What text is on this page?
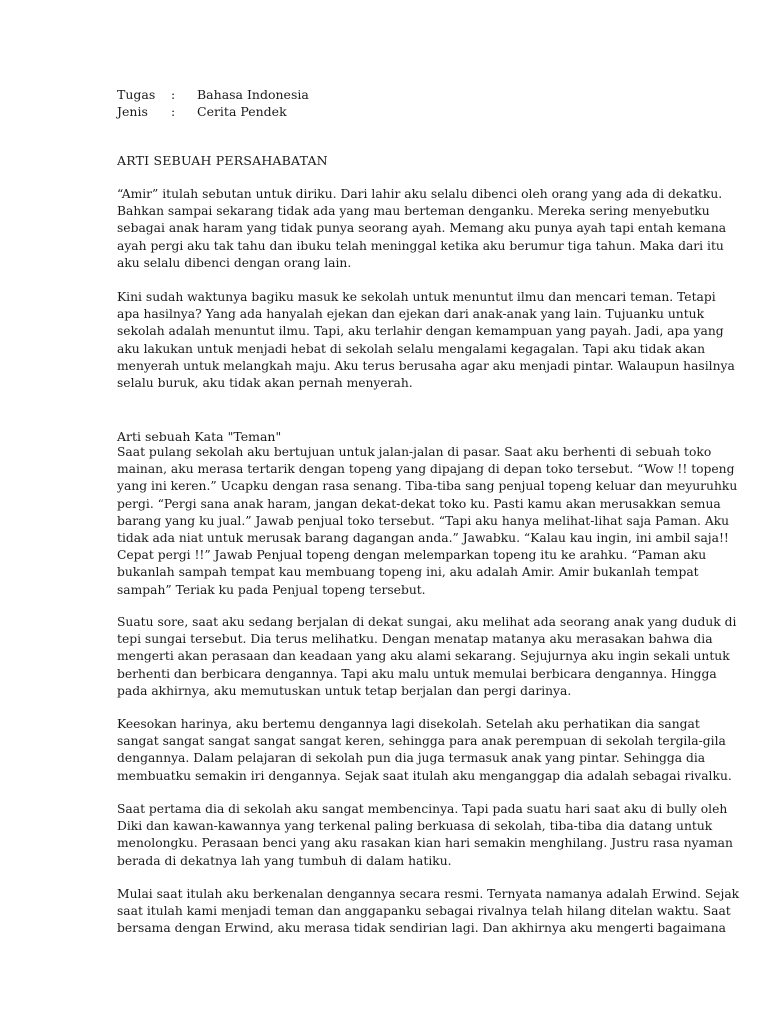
Tugas : Bahasa Indonesia
Jenis : Cerita Pendek
ARTI SEBUAH PERSAHABATAN
“Amir” itulah sebutan untuk diriku. Dari lahir aku selalu dibenci oleh orang yang ada di dekatku.
Bahkan sampai sekarang tidak ada yang mau berteman denganku. Mereka sering menyebutku
sebagai anak haram yang tidak punya seorang ayah. Memang aku punya ayah tapi entah kemana
ayah pergi aku tak tahu dan ibuku telah meninggal ketika aku berumur tiga tahun. Maka dari itu
aku selalu dibenci dengan orang lain.
Kini sudah waktunya bagiku masuk ke sekolah untuk menuntut ilmu dan mencari teman. Tetapi
apa hasilnya? Yang ada hanyalah ejekan dan ejekan dari anak-anak yang lain. Tujuanku untuk
sekolah adalah menuntut ilmu. Tapi, aku terlahir dengan kemampuan yang payah. Jadi, apa yang
aku lakukan untuk menjadi hebat di sekolah selalu mengalami kegagalan. Tapi aku tidak akan
menyerah untuk melangkah maju. Aku terus berusaha agar aku menjadi pintar. Walaupun hasilnya
selalu buruk, aku tidak akan pernah menyerah.
Arti sebuah Kata "Teman"
Saat pulang sekolah aku bertujuan untuk jalan-jalan di pasar. Saat aku berhenti di sebuah toko
mainan, aku merasa tertarik dengan topeng yang dipajang di depan toko tersebut. “Wow !! topeng
yang ini keren.” Ucapku dengan rasa senang. Tiba-tiba sang penjual topeng keluar dan meyuruhku
pergi. “Pergi sana anak haram, jangan dekat-dekat toko ku. Pasti kamu akan merusakkan semua
barang yang ku jual.” Jawab penjual toko tersebut. “Tapi aku hanya melihat-lihat saja Paman. Aku
tidak ada niat untuk merusak barang dagangan anda.” Jawabku. “Kalau kau ingin, ini ambil saja!!
Cepat pergi !!” Jawab Penjual topeng dengan melemparkan topeng itu ke arahku. “Paman aku
bukanlah sampah tempat kau membuang topeng ini, aku adalah Amir. Amir bukanlah tempat
sampah” Teriak ku pada Penjual topeng tersebut.
Suatu sore, saat aku sedang berjalan di dekat sungai, aku melihat ada seorang anak yang duduk di
tepi sungai tersebut. Dia terus melihatku. Dengan menatap matanya aku merasakan bahwa dia
mengerti akan perasaan dan keadaan yang aku alami sekarang. Sejujurnya aku ingin sekali untuk
berhenti dan berbicara dengannya. Tapi aku malu untuk memulai berbicara dengannya. Hingga
pada akhirnya, aku memutuskan untuk tetap berjalan dan pergi darinya.
Keesokan harinya, aku bertemu dengannya lagi disekolah. Setelah aku perhatikan dia sangat
sangat sangat sangat sangat sangat keren, sehingga para anak perempuan di sekolah tergila-gila
dengannya. Dalam pelajaran di sekolah pun dia juga termasuk anak yang pintar. Sehingga dia
membuatku semakin iri dengannya. Sejak saat itulah aku menganggap dia adalah sebagai rivalku.
Saat pertama dia di sekolah aku sangat membencinya. Tapi pada suatu hari saat aku di bully oleh
Diki dan kawan-kawannya yang terkenal paling berkuasa di sekolah, tiba-tiba dia datang untuk
menolongku. Perasaan benci yang aku rasakan kian hari semakin menghilang. Justru rasa nyaman
berada di dekatnya lah yang tumbuh di dalam hatiku.
Mulai saat itulah aku berkenalan dengannya secara resmi. Ternyata namanya adalah Erwind. Sejak
saat itulah kami menjadi teman dan anggapanku sebagai rivalnya telah hilang ditelan waktu. Saat
bersama dengan Erwind, aku merasa tidak sendirian lagi. Dan akhirnya aku mengerti bagaimana
